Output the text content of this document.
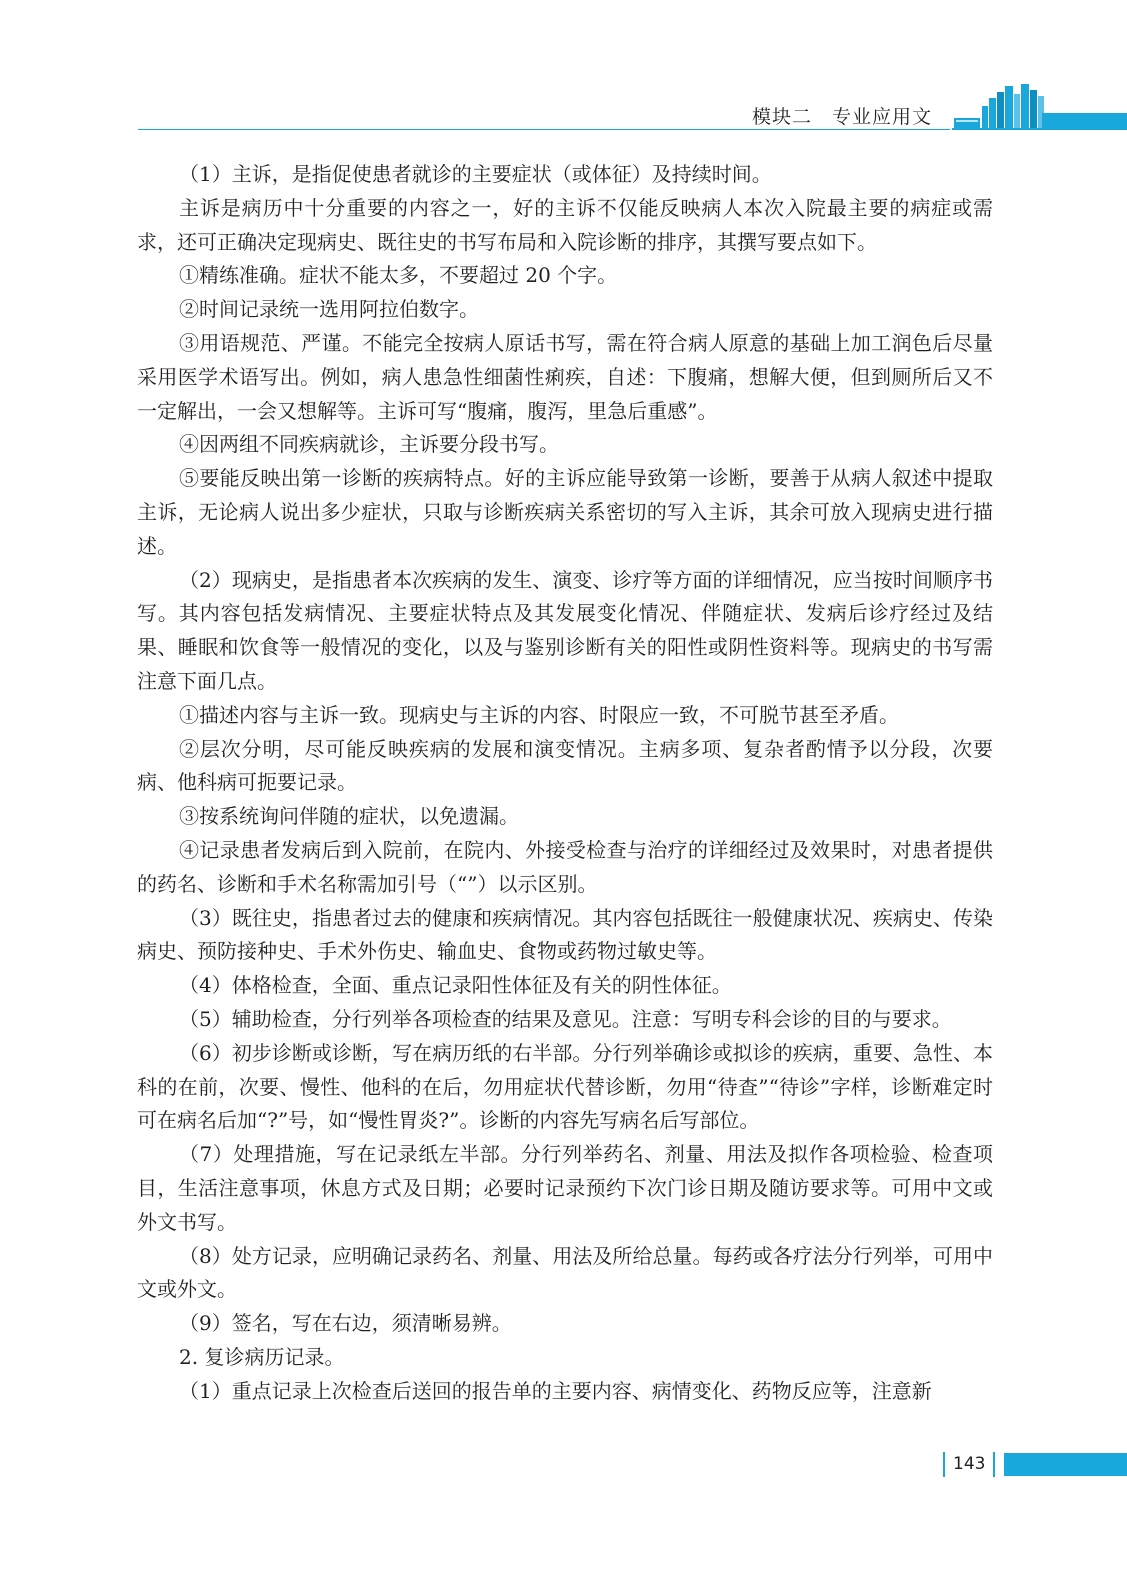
模块二　专业应用文

（1）主诉，是指促使患者就诊的主要症状（或体征）及持续时间。

主诉是病历中十分重要的内容之一，好的主诉不仅能反映病人本次入院最主要的病症或需求，还可正确决定现病史、既往史的书写布局和入院诊断的排序，其撰写要点如下。

①精练准确。症状不能太多，不要超过 20 个字。

②时间记录统一选用阿拉伯数字。

③用语规范、严谨。不能完全按病人原话书写，需在符合病人原意的基础上加工润色后尽量采用医学术语写出。例如，病人患急性细菌性痢疾，自述：下腹痛，想解大便，但到厕所后又不一定解出，一会又想解等。主诉可写“腹痛，腹泻，里急后重感”。

④因两组不同疾病就诊，主诉要分段书写。

⑤要能反映出第一诊断的疾病特点。好的主诉应能导致第一诊断，要善于从病人叙述中提取主诉，无论病人说出多少症状，只取与诊断疾病关系密切的写入主诉，其余可放入现病史进行描述。

（2）现病史，是指患者本次疾病的发生、演变、诊疗等方面的详细情况，应当按时间顺序书写。其内容包括发病情况、主要症状特点及其发展变化情况、伴随症状、发病后诊疗经过及结果、睡眠和饮食等一般情况的变化，以及与鉴别诊断有关的阳性或阴性资料等。现病史的书写需注意下面几点。

①描述内容与主诉一致。现病史与主诉的内容、时限应一致，不可脱节甚至矛盾。

②层次分明，尽可能反映疾病的发展和演变情况。主病多项、复杂者酌情予以分段，次要病、他科病可扼要记录。

③按系统询问伴随的症状，以免遗漏。

④记录患者发病后到入院前，在院内、外接受检查与治疗的详细经过及效果时，对患者提供的药名、诊断和手术名称需加引号（“”）以示区别。

（3）既往史，指患者过去的健康和疾病情况。其内容包括既往一般健康状况、疾病史、传染病史、预防接种史、手术外伤史、输血史、食物或药物过敏史等。

（4）体格检查，全面、重点记录阳性体征及有关的阴性体征。

（5）辅助检查，分行列举各项检查的结果及意见。注意：写明专科会诊的目的与要求。

（6）初步诊断或诊断，写在病历纸的右半部。分行列举确诊或拟诊的疾病，重要、急性、本科的在前，次要、慢性、他科的在后，勿用症状代替诊断，勿用“待查”“待诊”字样，诊断难定时可在病名后加“?”号，如“慢性胃炎?”。诊断的内容先写病名后写部位。

（7）处理措施，写在记录纸左半部。分行列举药名、剂量、用法及拟作各项检验、检查项目，生活注意事项，休息方式及日期；必要时记录预约下次门诊日期及随访要求等。可用中文或外文书写。

（8）处方记录，应明确记录药名、剂量、用法及所给总量。每药或各疗法分行列举，可用中文或外文。

（9）签名，写在右边，须清晰易辨。

2. 复诊病历记录。

（1）重点记录上次检查后送回的报告单的主要内容、病情变化、药物反应等，注意新

143
